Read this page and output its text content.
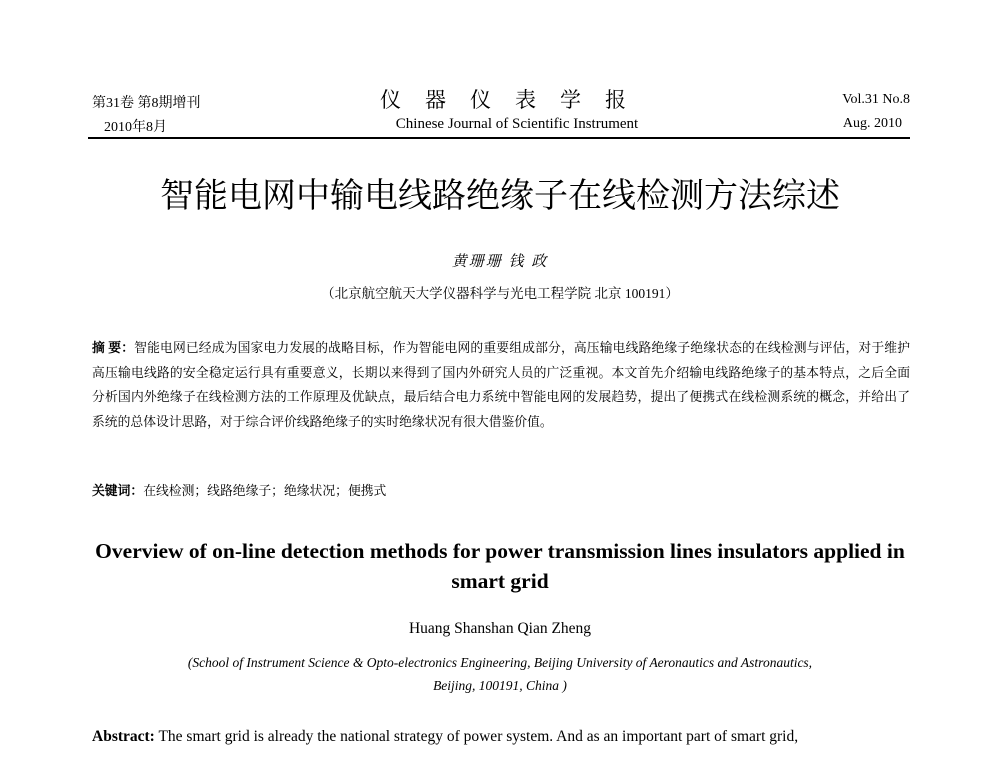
第31卷 第8期增刊
2010年8月
仪器仪表学报
Chinese Journal of Scientific Instrument
Vol.31 No.8
Aug. 2010
智能电网中输电线路绝缘子在线检测方法综述
黄珊珊 钱 政
（北京航空航天大学仪器科学与光电工程学院 北京 100191）
摘 要：智能电网已经成为国家电力发展的战略目标，作为智能电网的重要组成部分，高压输电线路绝缘子绝缘状态的在线检测与评估，对于维护高压输电线路的安全稳定运行具有重要意义，长期以来得到了国内外研究人员的广泛重视。本文首先介绍输电线路绝缘子的基本特点，之后全面分析国内外绝缘子在线检测方法的工作原理及优缺点，最后结合电力系统中智能电网的发展趋势，提出了便携式在线检测系统的概念，并给出了系统的总体设计思路，对于综合评价线路绝缘子的实时绝缘状况有很大借鉴价值。
关键词：在线检测；线路绝缘子；绝缘状况；便携式
Overview of on-line detection methods for power transmission lines insulators applied in smart grid
Huang Shanshan Qian Zheng
(School of Instrument Science & Opto-electronics Engineering, Beijing University of Aeronautics and Astronautics,
Beijing, 100191, China )
Abstract: The smart grid is already the national strategy of power system. And as an important part of smart grid,
